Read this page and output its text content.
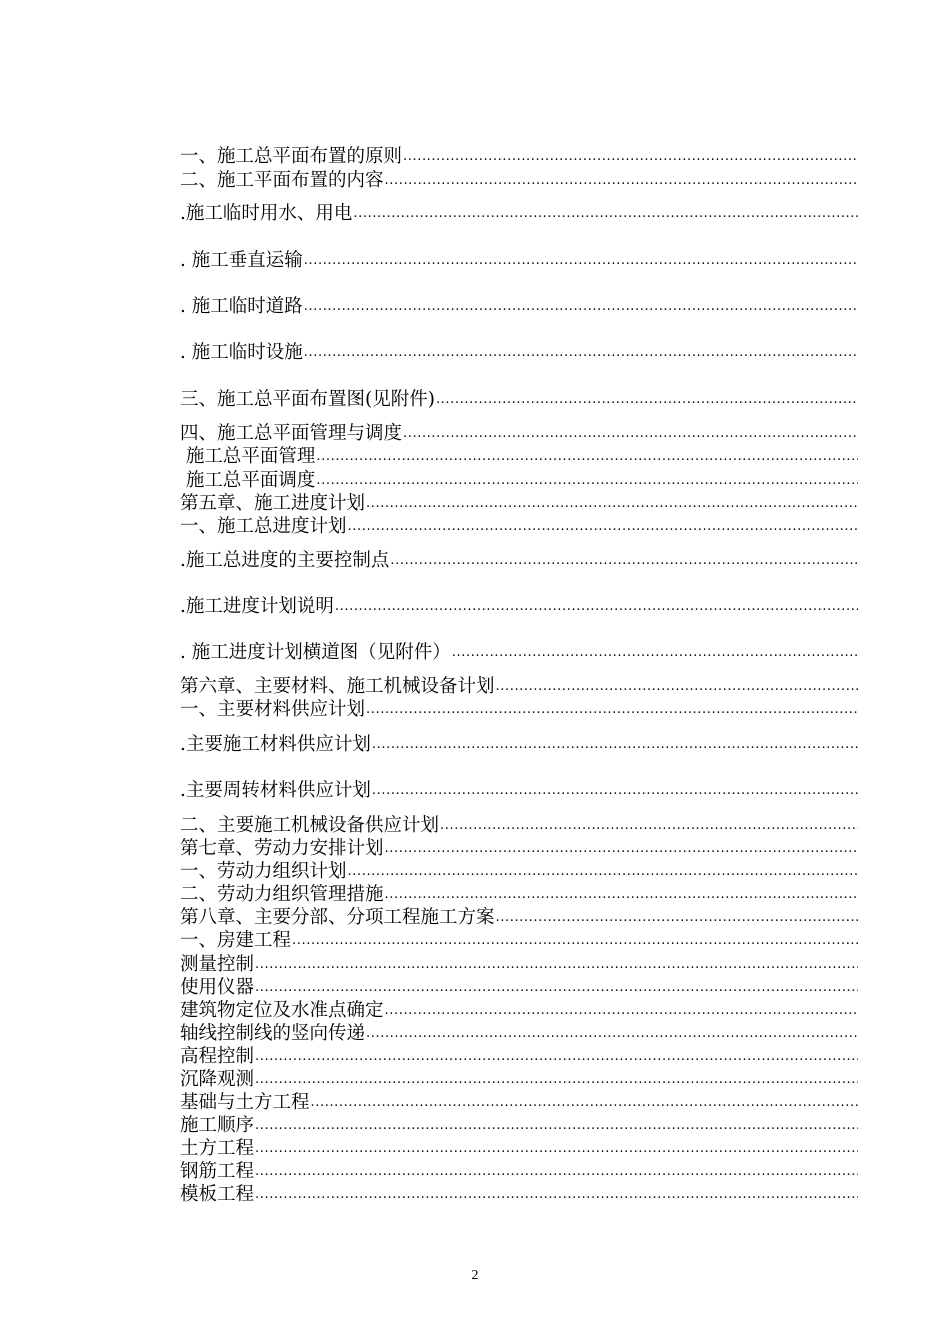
一、施工总平面布置的原则
.....
二、施工平面布置的内容
.....
.施工临时用水、用电
.....
. 施工垂直运输
.....
. 施工临时道路
.....
. 施工临时设施
.....
三、施工总平面布置图(见附件)
.....
四、施工总平面管理与调度
.....
施工总平面管理
.....
施工总平面调度
.....
第五章、施工进度计划
.....
一、施工总进度计划
.....
.施工总进度的主要控制点
.....
.施工进度计划说明
.....
. 施工进度计划横道图（见附件）
.....
第六章、主要材料、施工机械设备计划
.....
一、主要材料供应计划
.....
.主要施工材料供应计划
.....
.主要周转材料供应计划
.....
二、主要施工机械设备供应计划
.....
第七章、劳动力安排计划
.....
一、劳动力组织计划
.....
二、劳动力组织管理措施
.....
第八章、主要分部、分项工程施工方案
.....
一、房建工程
.....
测量控制
.....
使用仪器
.....
建筑物定位及水准点确定
.....
轴线控制线的竖向传递
.....
高程控制
.....
沉降观测
.....
基础与土方工程
.....
施工顺序
.....
土方工程
.....
钢筋工程
.....
模板工程
.....
2
